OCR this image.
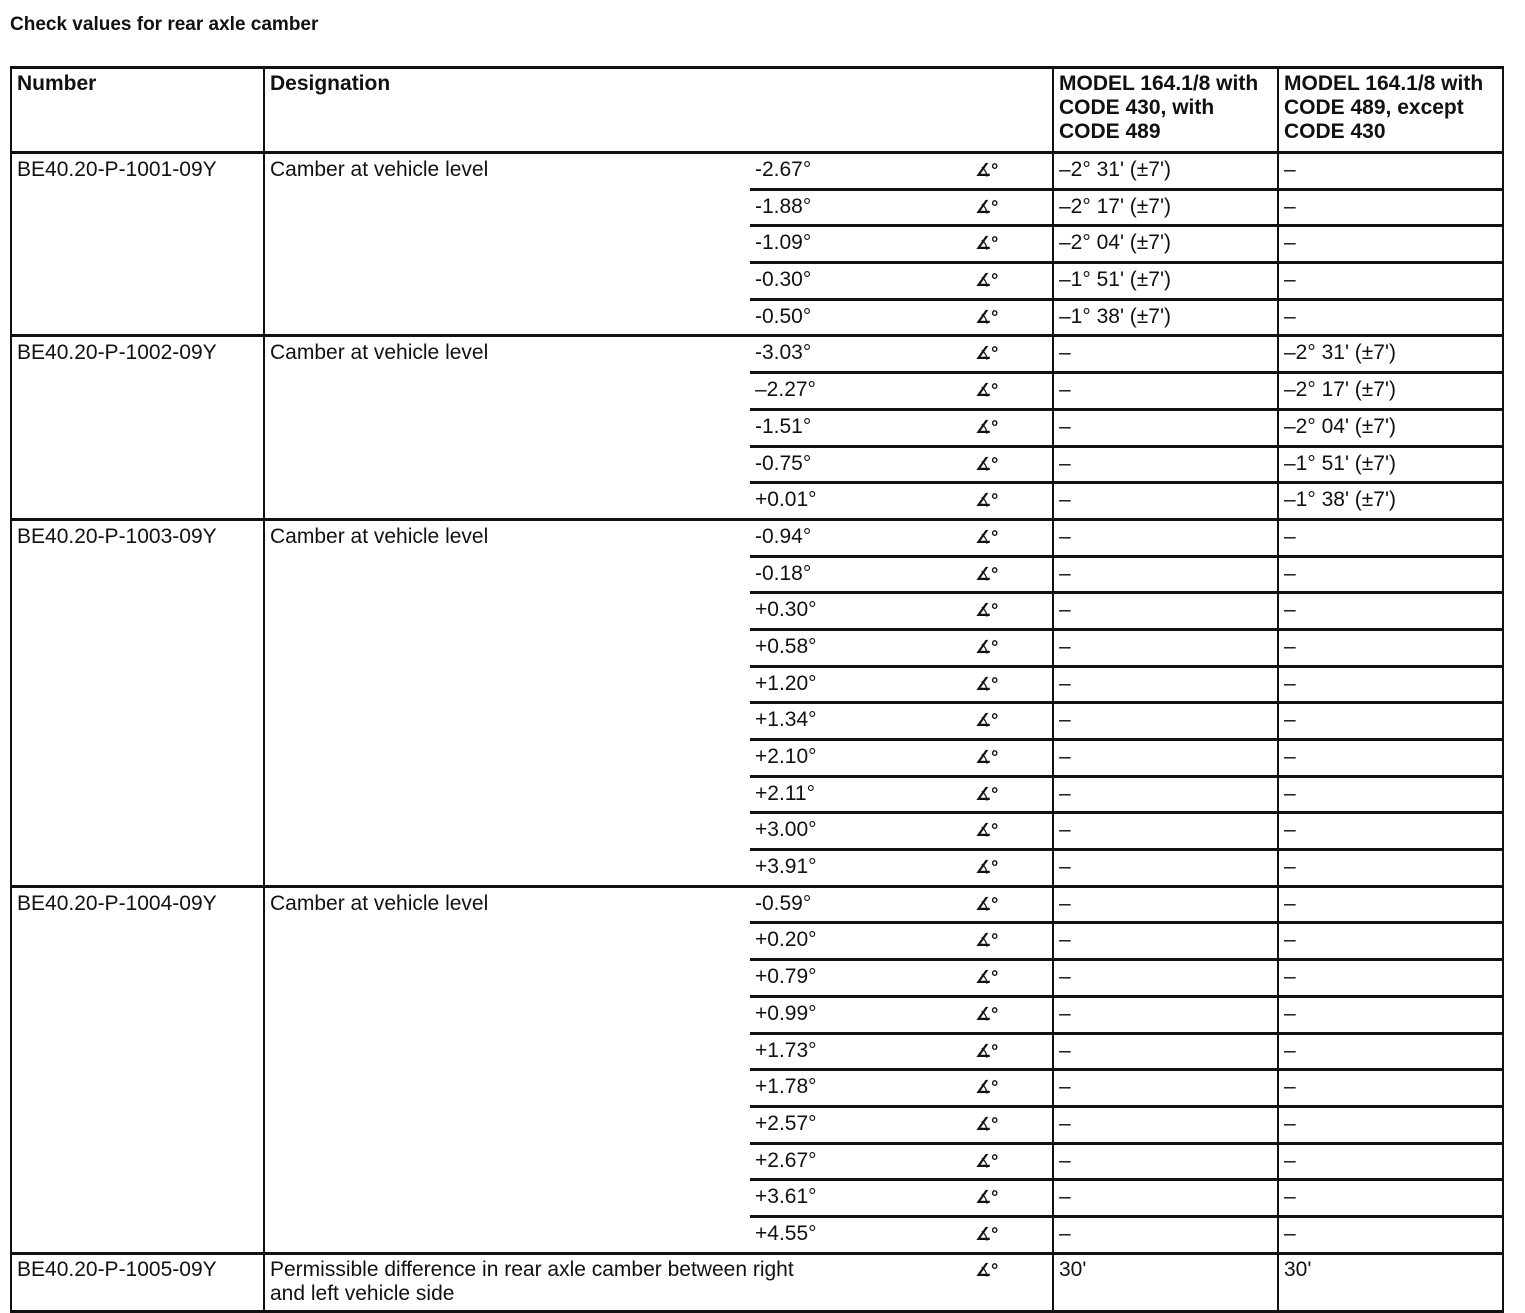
Check values for rear axle camber
Number	Designation			MODEL 164.1/8 with CODE 430, with CODE 489	MODEL 164.1/8 with CODE 489, except CODE 430
BE40.20-P-1001-09Y	Camber at vehicle level	-2.67°	∡°	–2° 31' (±7')	–
		-1.88°	∡°	–2° 17' (±7')	–
		-1.09°	∡°	–2° 04' (±7')	–
		-0.30°	∡°	–1° 51' (±7')	–
		-0.50°	∡°	–1° 38' (±7')	–
BE40.20-P-1002-09Y	Camber at vehicle level	-3.03°	∡°	–	–2° 31' (±7')
		–2.27°	∡°	–	–2° 17' (±7')
		-1.51°	∡°	–	–2° 04' (±7')
		-0.75°	∡°	–	–1° 51' (±7')
		+0.01°	∡°	–	–1° 38' (±7')
BE40.20-P-1003-09Y	Camber at vehicle level	-0.94°	∡°	–	–
		-0.18°	∡°	–	–
		+0.30°	∡°	–	–
		+0.58°	∡°	–	–
		+1.20°	∡°	–	–
		+1.34°	∡°	–	–
		+2.10°	∡°	–	–
		+2.11°	∡°	–	–
		+3.00°	∡°	–	–
		+3.91°	∡°	–	–
BE40.20-P-1004-09Y	Camber at vehicle level	-0.59°	∡°	–	–
		+0.20°	∡°	–	–
		+0.79°	∡°	–	–
		+0.99°	∡°	–	–
		+1.73°	∡°	–	–
		+1.78°	∡°	–	–
		+2.57°	∡°	–	–
		+2.67°	∡°	–	–
		+3.61°	∡°	–	–
		+4.55°	∡°	–	–
BE40.20-P-1005-09Y	Permissible difference in rear axle camber between right and left vehicle side		∡°	30'	30'
